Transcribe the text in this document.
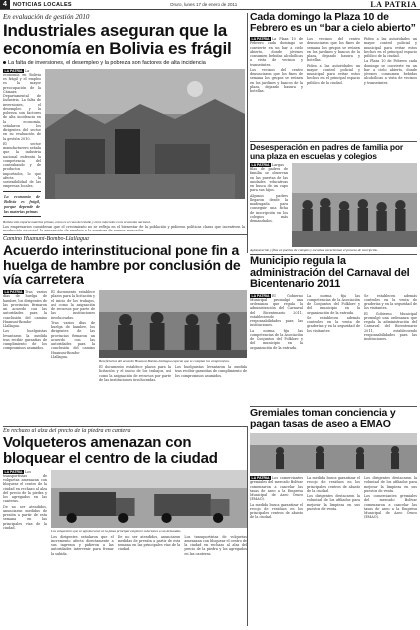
4	NOTICIAS LOCALES	Oruro, lunes 17 de enero de 2011	LA PATRIA
En evaluación de gestión 2010
Industriales aseguran que la economía en Bolivia es frágil
La falta de inversiones, el desempleo y la pobreza son factores de alta incidencia

LA PATRIA La economía en Bolivia es frágil y el empleo es la mayor preocupación de la Cámara Departamental de Industria. La falta de inversiones, el desempleo y la pobreza son factores de alta incidencia en la economía, señalaron los dirigentes del sector en su evaluación de la gestión 2010.

El sector manufacturero señala que la industria nacional enfrenta la competencia del contrabando y de productos importados, lo que afecta la sostenibilidad de las empresas locales.

La economía de Bolivia es frágil, porque depende de las materias primas

Bolivia sólo exporta materias primas, como es el caso del estaño y otros minerales en la economía nacional.
Los empresarios consideran que el crecimiento no se refleja en el bienestar de la población y pidieron políticas claras que incentiven la
Cada domingo la Plaza 10 de Febrero es un “bar a cielo abierto”

LA PATRIA La Plaza 10 de Febrero cada domingo se convierte en un bar a cielo abierto, donde jóvenes consumen bebidas alcohólicas a vista de vecinos y transeúntes.

Los vecinos del centro denunciaron que los fines de semana los grupos se reúnen en los jardines y bancos de la plaza, dejando basura y botellas.

Los vecinos del centro denunciaron que los fines de semana los grupos se reúnen en los jardines y bancos de la plaza, dejando basura y botellas.

Piden a las autoridades un mayor control policial y municipal para evitar estos hechos en el principal espacio público de la ciudad.

Piden a las autoridades un mayor control policial y municipal para evitar estos hechos en el principal espacio público de la ciudad.

La Plaza 10 de Febrero cada domingo se convierte en un bar a cielo abierto, donde jóvenes consumen bebidas alcohólicas a vista de vecinos y transeúntes.

Desesperación en padres de familia por una plaza en escuelas y colegios

LA PATRIA Largas filas de padres de familia se observan en las puertas de las unidades educativas en busca de un cupo para sus hijos.

Algunos padres llegaron desde la madrugada para conseguir una ficha de inscripción en los colegios más demandados.

Aglomeración y filas en puertas de colegios y escuelas caracterizan el proceso de inscripción.
Camino Huanuni-Bombo-Llallagua
Acuerdo interinstitucional pone fin a huelga de hambre por conclusión de vía carretera

LA PATRIA Tras varios días de huelga de hambre, los dirigentes de las provincias firmaron un acuerdo con las autoridades para la conclusión del camino Huanuni-Bombo-Llallagua.

Los huelguistas levantaron la medida tras recibir garantías de cumplimiento de los compromisos asumidos.

El documento establece plazos para la licitación y el inicio de los trabajos, así como la asignación de recursos por parte de las instituciones involucradas.

Tras varios días de huelga de hambre, los dirigentes de las provincias firmaron un acuerdo con las autoridades para la conclusión del camino Huanuni-Bombo-Llallagua.

Beneficiarios del acuerdo Huanuni-Bombo-Llallagua esperan que se cumplan los compromisos.
El documento establece plazos para la licitación y el inicio de los trabajos, así como la asignación de recursos por parte de las instituciones involucradas.
Los huelguistas levantaron la medida tras recibir garantías de cumplimiento de los compromisos asumidos.
Municipio regula la administración del Carnaval del Bicentenario 2011

LA PATRIA El Gobierno Municipal promulgó una ordenanza que regula la administración del Carnaval del Bicentenario 2011, estableciendo responsabilidades para las instituciones.

La norma fija las competencias de la Asociación de Conjuntos del Folklore y del municipio en la organización de la entrada.

La norma fija las competencias de la Asociación de Conjuntos del Folklore y del municipio en la organización de la entrada.

Se establecen además controles en la venta de graderías y en la seguridad de los visitantes.

Se establecen además controles en la venta de graderías y en la seguridad de los visitantes.

El Gobierno Municipal promulgó una ordenanza que regula la administración del Carnaval del Bicentenario 2011, estableciendo responsabilidades para las instituciones.

En rechazo al alza del precio de la piedra en cantera
Volqueteros amenazan con bloquear el centro de la ciudad

LA PATRIA Los transportistas de volquetas amenazan con bloquear el centro de la ciudad en rechazo al alza del precio de la piedra y los agregados en las canteras.

De no ser atendidos, anunciaron medidas de presión a partir de esta semana en las principales vías de la ciudad.

Los volqueteros que se aglomeraron en la plaza principal exigieron soluciones a sus demandas.
Los dirigentes señalaron que el incremento afecta directamente a sus ingresos y pidieron a las autoridades intervenir para frenar la subida.
De no ser atendidos, anunciaron medidas de presión a partir de esta semana en las principales vías de la ciudad.
Los transportistas de volquetas amenazan con bloquear el centro de la ciudad en rechazo al alza del precio de la piedra y los agregados en las canteras.
Gremiales toman conciencia y pagan tasas de aseo a EMAO

LA PATRIA Los comerciantes gremiales del mercado Bolívar comenzaron a cancelar las tasas de aseo a la Empresa Municipal de Aseo Oruro (EMAO).

La medida busca garantizar el recojo de residuos en los principales centros de abasto de la ciudad.

La medida busca garantizar el recojo de residuos en los principales centros de abasto de la ciudad.

Los dirigentes destacaron la voluntad de los afiliados para mejorar la limpieza en sus puestos de venta.

Los dirigentes destacaron la voluntad de los afiliados para mejorar la limpieza en sus puestos de venta.

Los comerciantes gremiales del mercado Bolívar comenzaron a cancelar las tasas de aseo a la Empresa Municipal de Aseo Oruro (EMAO).
